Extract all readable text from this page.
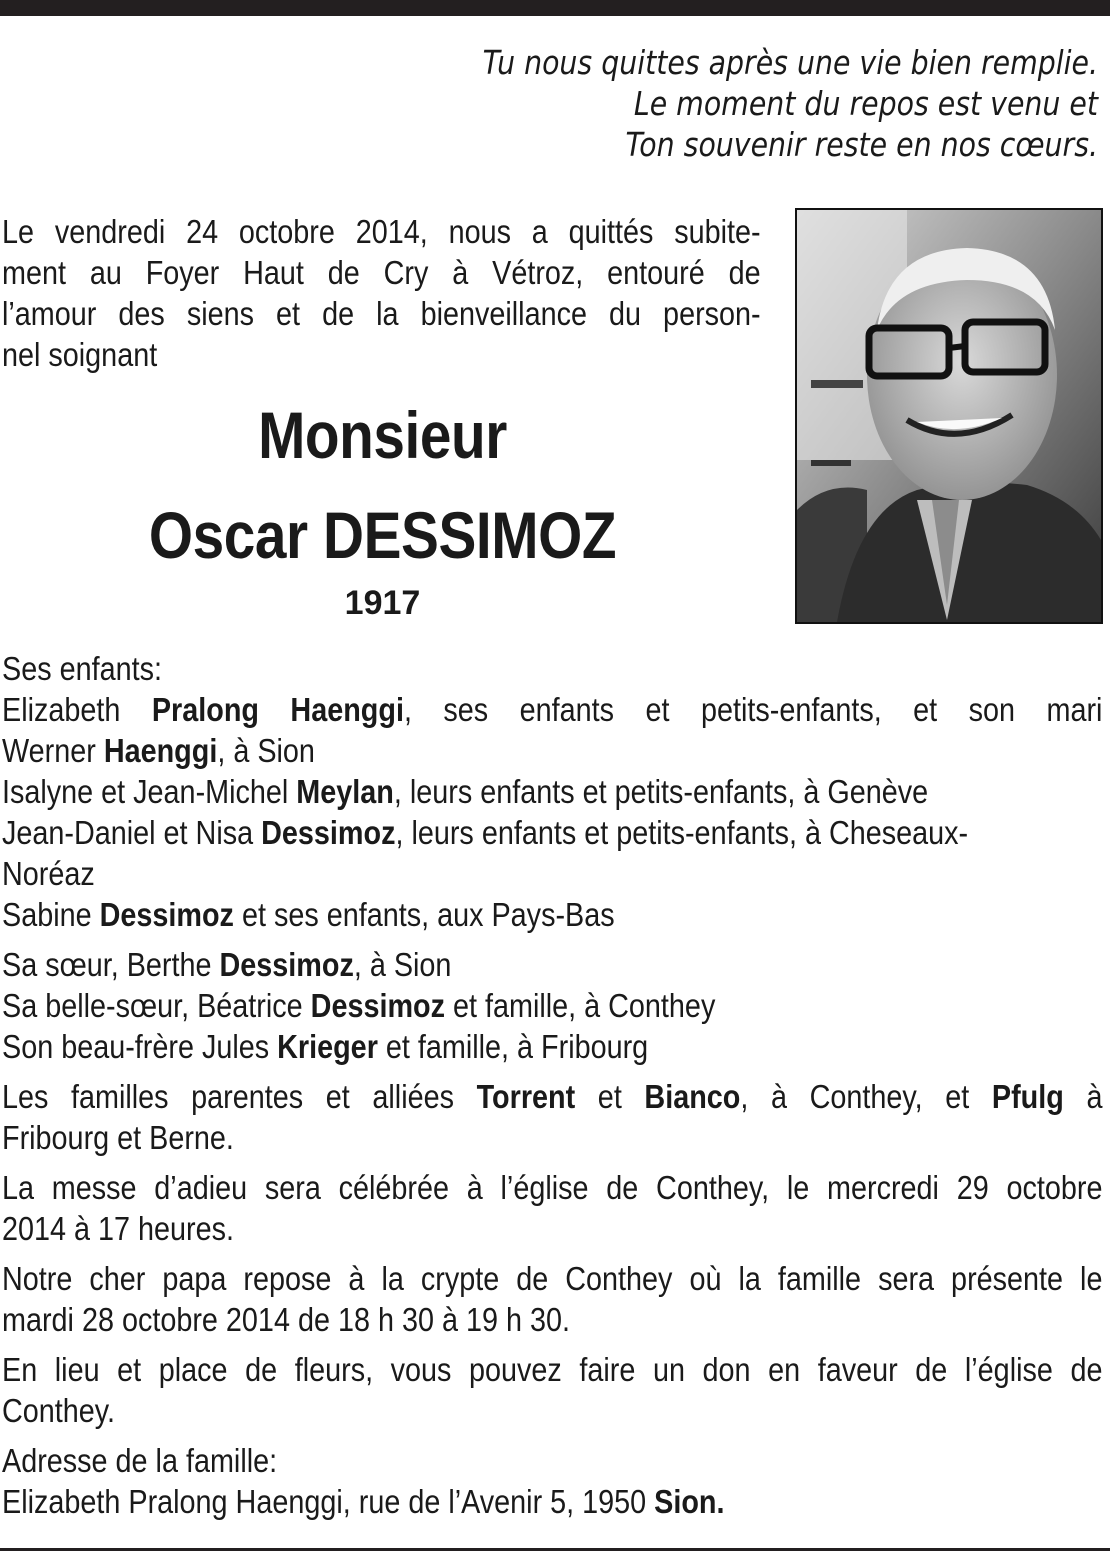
Tu nous quittes après une vie bien remplie.
Le moment du repos est venu et
Ton souvenir reste en nos cœurs.
Le vendredi 24 octobre 2014, nous a quittés subite-
ment au Foyer Haut de Cry à Vétroz, entouré de
l’amour des siens et de la bienveillance du person-
nel soignant
Monsieur
Oscar DESSIMOZ
1917

Ses enfants:

Elizabeth Pralong Haenggi, ses enfants et petits-enfants, et son mari

Werner Haenggi, à Sion

Isalyne et Jean-Michel Meylan, leurs enfants et petits-enfants, à Genève

Jean-Daniel et Nisa Dessimoz, leurs enfants et petits-enfants, à Cheseaux-

Noréaz

Sabine Dessimoz et ses enfants, aux Pays-Bas

Sa sœur, Berthe Dessimoz, à Sion

Sa belle-sœur, Béatrice Dessimoz et famille, à Conthey

Son beau-frère Jules Krieger et famille, à Fribourg

Les familles parentes et alliées Torrent et Bianco, à Conthey, et Pfulg à

Fribourg et Berne.

La messe d’adieu sera célébrée à l’église de Conthey, le mercredi 29 octobre

2014 à 17 heures.

Notre cher papa repose à la crypte de Conthey où la famille sera présente le

mardi 28 octobre 2014 de 18 h 30 à 19 h 30.

En lieu et place de fleurs, vous pouvez faire un don en faveur de l’église de

Conthey.

Adresse de la famille:

Elizabeth Pralong Haenggi, rue de l’Avenir 5, 1950 Sion.
